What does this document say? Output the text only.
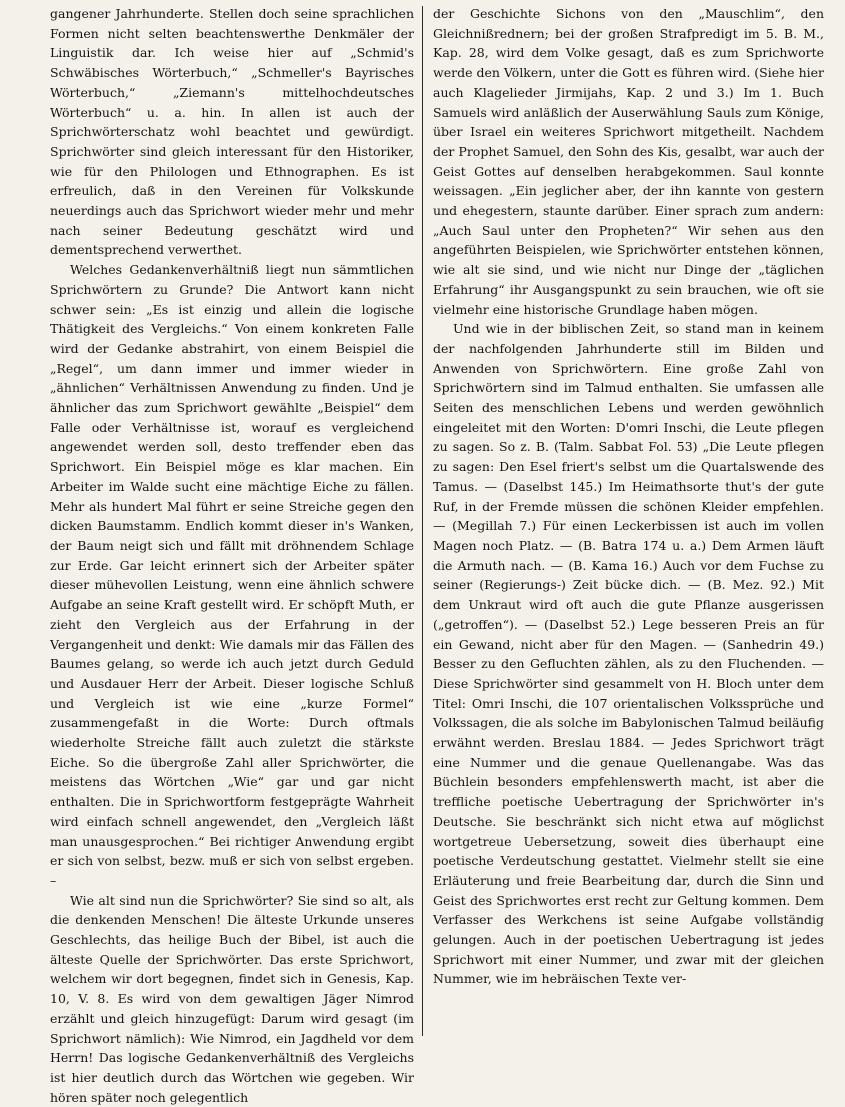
gangener Jahrhunderte. Stellen doch seine sprachlichen Formen nicht selten beachtenswerthe Denkmäler der Linguistik dar. Ich weise hier auf „Schmid's Schwäbisches Wörterbuch,“ „Schmeller's Bayrisches Wörterbuch,“ „Ziemann's mittelhochdeutsches Wörterbuch“ u. a. hin. In allen ist auch der Sprichwörterschatz wohl beachtet und gewürdigt. Sprichwörter sind gleich interessant für den Historiker, wie für den Philologen und Ethnographen. Es ist erfreulich, daß in den Vereinen für Volkskunde neuerdings auch das Sprichwort wieder mehr und mehr nach seiner Bedeutung geschätzt wird und dementsprechend verwerthet.

Welches Gedankenverhältniß liegt nun sämmtlichen Sprichwörtern zu Grunde? Die Antwort kann nicht schwer sein: „Es ist einzig und allein die logische Thätigkeit des Vergleichs.“ Von einem konkreten Falle wird der Gedanke abstrahirt, von einem Beispiel die „Regel“, um dann immer und immer wieder in „ähnlichen“ Verhältnissen Anwendung zu finden. Und je ähnlicher das zum Sprichwort gewählte „Beispiel“ dem Falle oder Verhältnisse ist, worauf es vergleichend angewendet werden soll, desto treffender eben das Sprichwort. Ein Beispiel möge es klar machen. Ein Arbeiter im Walde sucht eine mächtige Eiche zu fällen. Mehr als hundert Mal führt er seine Streiche gegen den dicken Baumstamm. Endlich kommt dieser in's Wanken, der Baum neigt sich und fällt mit dröhnendem Schlage zur Erde. Gar leicht erinnert sich der Arbeiter später dieser mühevollen Leistung, wenn eine ähnlich schwere Aufgabe an seine Kraft gestellt wird. Er schöpft Muth, er zieht den Vergleich aus der Erfahrung in der Vergangenheit und denkt: Wie damals mir das Fällen des Baumes gelang, so werde ich auch jetzt durch Geduld und Ausdauer Herr der Arbeit. Dieser logische Schluß und Vergleich ist wie eine „kurze Formel“ zusammengefaßt in die Worte: Durch oftmals wiederholte Streiche fällt auch zuletzt die stärkste Eiche. So die übergroße Zahl aller Sprichwörter, die meistens das Wörtchen „Wie“ gar und gar nicht enthalten. Die in Sprichwortform festgeprägte Wahrheit wird einfach schnell angewendet, den „Vergleich läßt man unausgesprochen.“ Bei richtiger Anwendung ergibt er sich von selbst, bezw. muß er sich von selbst ergeben. –

Wie alt sind nun die Sprichwörter? Sie sind so alt, als die denkenden Menschen! Die älteste Urkunde unseres Geschlechts, das heilige Buch der Bibel, ist auch die älteste Quelle der Sprichwörter. Das erste Sprichwort, welchem wir dort begegnen, findet sich in Genesis, Kap. 10, V. 8. Es wird von dem gewaltigen Jäger Nimrod erzählt und gleich hinzugefügt: Darum wird gesagt (im Sprichwort nämlich): Wie Nimrod, ein Jagdheld vor dem Herrn! Das logische Gedankenverhältniß des Vergleichs ist hier deutlich durch das Wörtchen wie gegeben. Wir hören später noch gelegentlich

der Geschichte Sichons von den „Mauschlim“, den Gleichnißrednern; bei der großen Strafpredigt im 5. B. M., Kap. 28, wird dem Volke gesagt, daß es zum Sprichworte werde den Völkern, unter die Gott es führen wird. (Siehe hier auch Klagelieder Jirmijahs, Kap. 2 und 3.) Im 1. Buch Samuels wird anläßlich der Auserwählung Sauls zum Könige, über Israel ein weiteres Sprichwort mitgetheilt. Nachdem der Prophet Samuel, den Sohn des Kis, gesalbt, war auch der Geist Gottes auf denselben herabgekommen. Saul konnte weissagen. „Ein jeglicher aber, der ihn kannte von gestern und ehegestern, staunte darüber. Einer sprach zum andern: „Auch Saul unter den Propheten?“ Wir sehen aus den angeführten Beispielen, wie Sprichwörter entstehen können, wie alt sie sind, und wie nicht nur Dinge der „täglichen Erfahrung“ ihr Ausgangspunkt zu sein brauchen, wie oft sie vielmehr eine historische Grundlage haben mögen.

Und wie in der biblischen Zeit, so stand man in keinem der nachfolgenden Jahrhunderte still im Bilden und Anwenden von Sprichwörtern. Eine große Zahl von Sprichwörtern sind im Talmud enthalten. Sie umfassen alle Seiten des menschlichen Lebens und werden gewöhnlich eingeleitet mit den Worten: D'omri Inschi, die Leute pflegen zu sagen. So z. B. (Talm. Sabbat Fol. 53) „Die Leute pflegen zu sagen: Den Esel friert's selbst um die Quartalswende des Tamus. — (Daselbst 145.) Im Heimathsorte thut's der gute Ruf, in der Fremde müssen die schönen Kleider empfehlen. — (Megillah 7.) Für einen Leckerbissen ist auch im vollen Magen noch Platz. — (B. Batra 174 u. a.) Dem Armen läuft die Armuth nach. — (B. Kama 16.) Auch vor dem Fuchse zu seiner (Regierungs-) Zeit bücke dich. — (B. Mez. 92.) Mit dem Unkraut wird oft auch die gute Pflanze ausgerissen („getroffen“). — (Daselbst 52.) Lege besseren Preis an für ein Gewand, nicht aber für den Magen. — (Sanhedrin 49.) Besser zu den Gefluchten zählen, als zu den Fluchenden. — Diese Sprichwörter sind gesammelt von H. Bloch unter dem Titel: Omri Inschi, die 107 orientalischen Volkssprüche und Volkssagen, die als solche im Babylonischen Talmud beiläufig erwähnt werden. Breslau 1884. — Jedes Sprichwort trägt eine Nummer und die genaue Quellenangabe. Was das Büchlein besonders empfehlenswerth macht, ist aber die treffliche poetische Uebertragung der Sprichwörter in's Deutsche. Sie beschränkt sich nicht etwa auf möglichst wortgetreue Uebersetzung, soweit dies überhaupt eine poetische Verdeutschung gestattet. Vielmehr stellt sie eine Erläuterung und freie Bearbeitung dar, durch die Sinn und Geist des Sprichwortes erst recht zur Geltung kommen. Dem Verfasser des Werkchens ist seine Aufgabe vollständig gelungen. Auch in der poetischen Uebertragung ist jedes Sprichwort mit einer Nummer, und zwar mit der gleichen Nummer, wie im hebräischen Texte ver-
